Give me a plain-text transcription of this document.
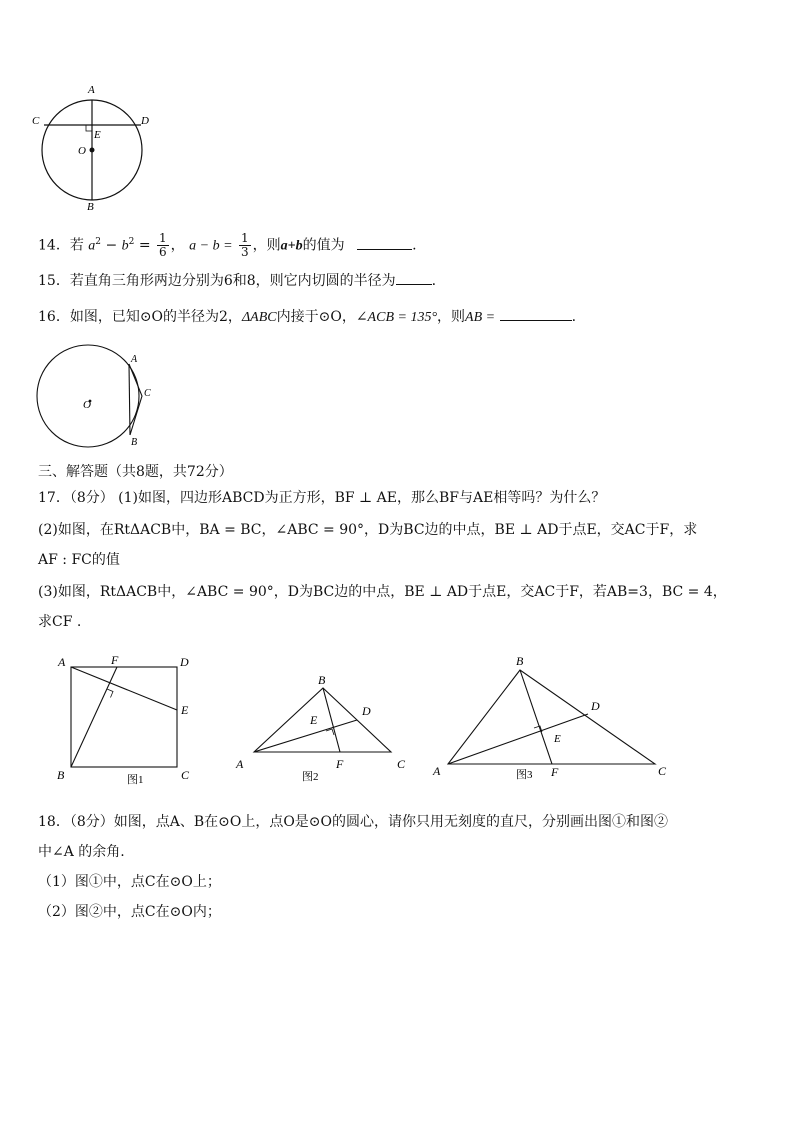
A
C	D
E
O
B
14．若 $a^2 - b^2 = \frac{1}{6}$ ， $a - b = \frac{1}{3}$ ，则a+b的值为	.
15．若直角三角形两边分别为6和8，则它内切圆的半径为	.
16．如图，已知⊙O的半径为2，ΔABC内接于⊙O，∠ACB = 135°，则AB =	.
A
C
B
O
三、解答题（共8题，共72分）
17．（8分） (1)如图，四边形ABCD为正方形，BF ⊥ AE，那么BF与AE相等吗？为什么？
(2)如图，在RtΔACB中，BA = BC，∠ABC = 90°，D为BC边的中点，BE ⊥ AD于点E，交AC于F，求
AF : FC的值
(3)如图，RtΔACB中，∠ABC = 90°，D为BC边的中点，BE ⊥ AD于点E，交AC于F，若AB=3，BC = 4，
求CF .
A	F	D
E
B	C
图1
B
D
E
A	F	C
图2
B
D
E
A	F	C
图3
18．（8分）如图，点A、B在⊙O上，点O是⊙O的圆心，请你只用无刻度的直尺，分别画出图①和图②
中∠A 的余角.
（1）图①中，点C在⊙O上；
（2）图②中，点C在⊙O内；
